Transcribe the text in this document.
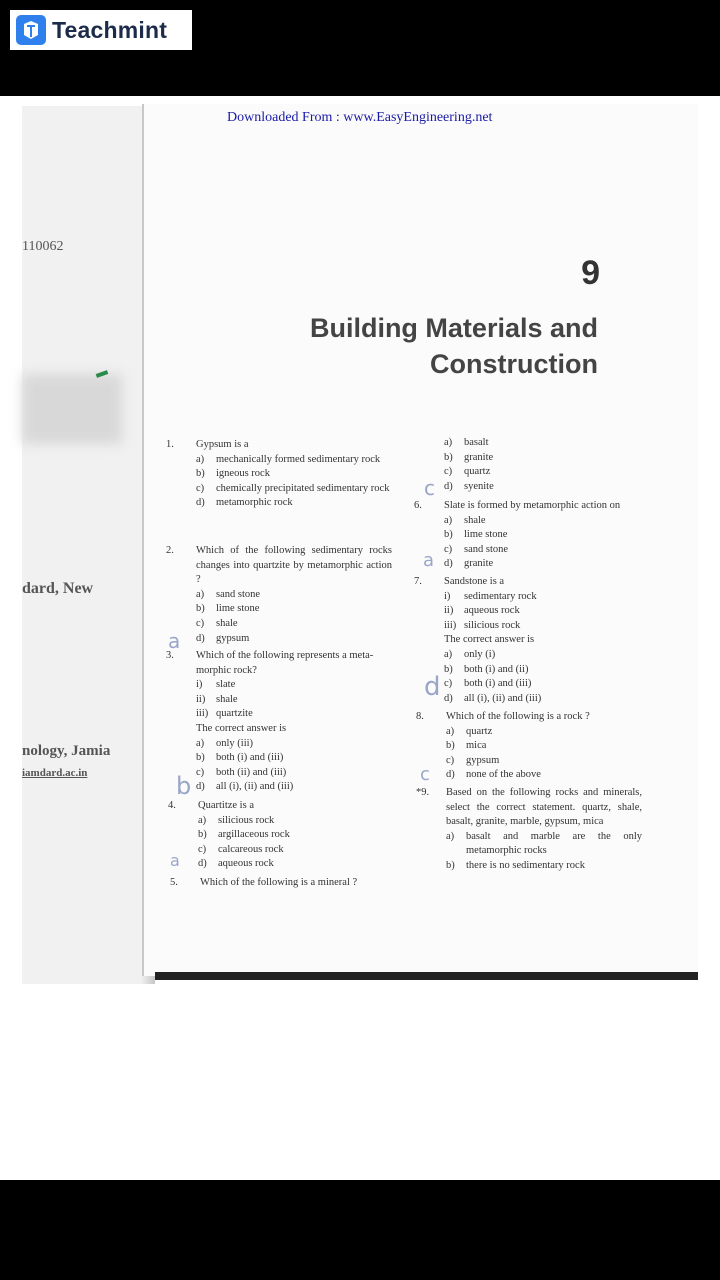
Teachmint
110062
dard, New
nology, Jamia
iamdard.ac.in
Downloaded From : www.EasyEngineering.net
9
Building Materials and
Construction
1.	Gypsum is a
a)	mechanically formed sedimentary rock
b)	igneous rock
c)	chemically precipitated sedimentary rock
d)	metamorphic rock
2.	Which of the following sedimentary rocks changes into quartzite by metamorphic action ?
a)	sand stone
b)	lime stone
c)	shale
d)	gypsum
3.	Which of the following represents a meta-morphic rock?
i)	slate
ii)	shale
iii) quartzite
The correct answer is
a)	only (iii)
b)	both (i) and (iii)
c)	both (ii) and (iii)
d)	all (i), (ii) and (iii)
4.	Quartitze is a
a)	silicious rock
b)	argillaceous rock
c)	calcareous rock
d)	aqueous rock
5.	Which of the following is a mineral ?
a)	basalt
b)	granite
c)	quartz
d)	syenite
6.	Slate is formed by metamorphic action on
a)	shale
b)	lime stone
c)	sand stone
d)	granite
7.	Sandstone is a
i)	sedimentary rock
ii)	aqueous rock
iii) silicious rock
The correct answer is
a)	only (i)
b)	both (i) and (ii)
c)	both (i) and (iii)
d)	all (i), (ii) and (iii)
8.	Which of the following is a rock ?
a)	quartz
b)	mica
c)	gypsum
d)	none of the above
*9.	Based on the following rocks and minerals, select the correct statement. quartz, shale, basalt, granite, marble, gypsum, mica
a)	basalt and marble are the only metamorphic rocks
b)	there is no sedimentary rock
a
b
a
c
a
d
c
